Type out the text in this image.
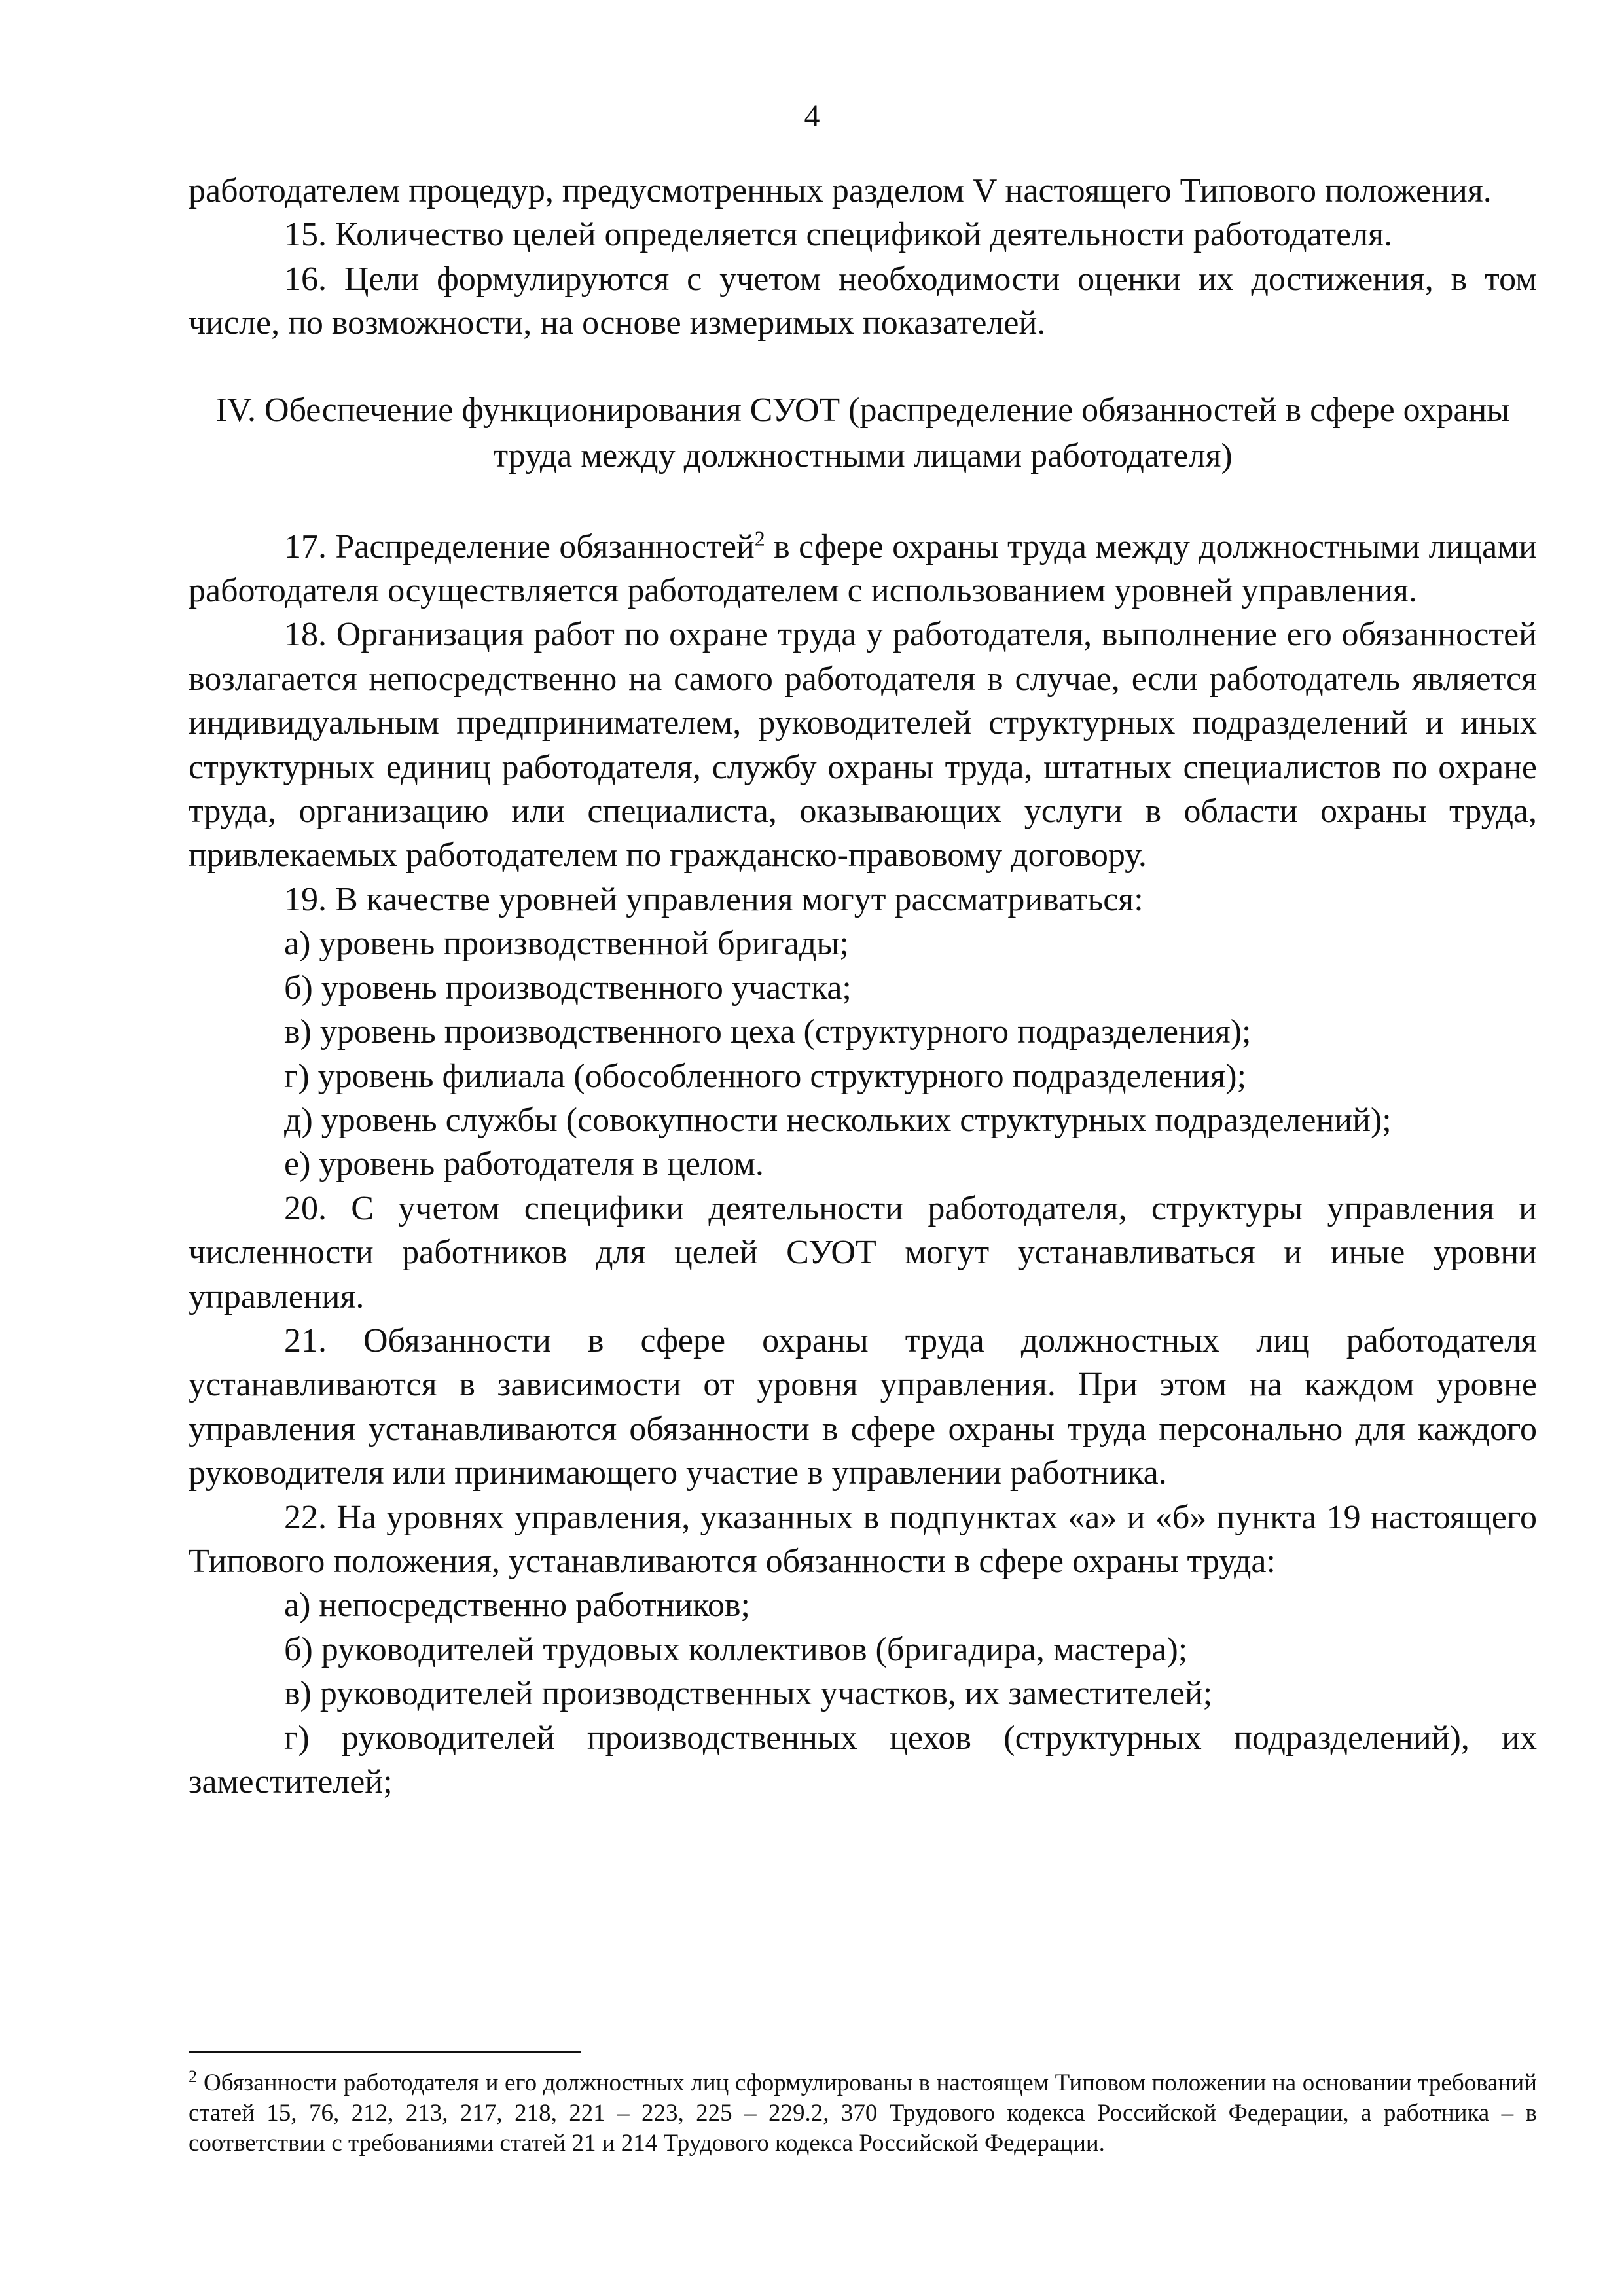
4

работодателем процедур, предусмотренных разделом V настоящего Типового положения.

15. Количество целей определяется спецификой деятельности работодателя.

16. Цели формулируются с учетом необходимости оценки их достижения, в том числе, по возможности, на основе измеримых показателей.

IV. Обеспечение функционирования СУОТ (распределение обязанностей в сфере охраны труда между должностными лицами работодателя)

17. Распределение обязанностей$^2$ в сфере охраны труда между должностными лицами работодателя осуществляется работодателем с использованием уровней управления.

18. Организация работ по охране труда у работодателя, выполнение его обязанностей возлагается непосредственно на самого работодателя в случае, если работодатель является индивидуальным предпринимателем, руководителей структурных подразделений и иных структурных единиц работодателя, службу охраны труда, штатных специалистов по охране труда, организацию или специалиста, оказывающих услуги в области охраны труда, привлекаемых работодателем по гражданско-правовому договору.

19. В качестве уровней управления могут рассматриваться:

а) уровень производственной бригады;

б) уровень производственного участка;

в) уровень производственного цеха (структурного подразделения);

г) уровень филиала (обособленного структурного подразделения);

д) уровень службы (совокупности нескольких структурных подразделений);

е) уровень работодателя в целом.

20. С учетом специфики деятельности работодателя, структуры управления и численности работников для целей СУОТ могут устанавливаться и иные уровни управления.

21. Обязанности в сфере охраны труда должностных лиц работодателя устанавливаются в зависимости от уровня управления. При этом на каждом уровне управления устанавливаются обязанности в сфере охраны труда персонально для каждого руководителя или принимающего участие в управлении работника.

22. На уровнях управления, указанных в подпунктах «а» и «б» пункта 19 настоящего Типового положения, устанавливаются обязанности в сфере охраны труда:

а) непосредственно работников;

б) руководителей трудовых коллективов (бригадира, мастера);

в) руководителей производственных участков, их заместителей;

г) руководителей производственных цехов (структурных подразделений), их заместителей;

$^2$ Обязанности работодателя и его должностных лиц сформулированы в настоящем Типовом положении на основании требований статей 15, 76, 212, 213, 217, 218, 221 – 223, 225 – 229.2, 370 Трудового кодекса Российской Федерации, а работника – в соответствии с требованиями статей 21 и 214 Трудового кодекса Российской Федерации.
